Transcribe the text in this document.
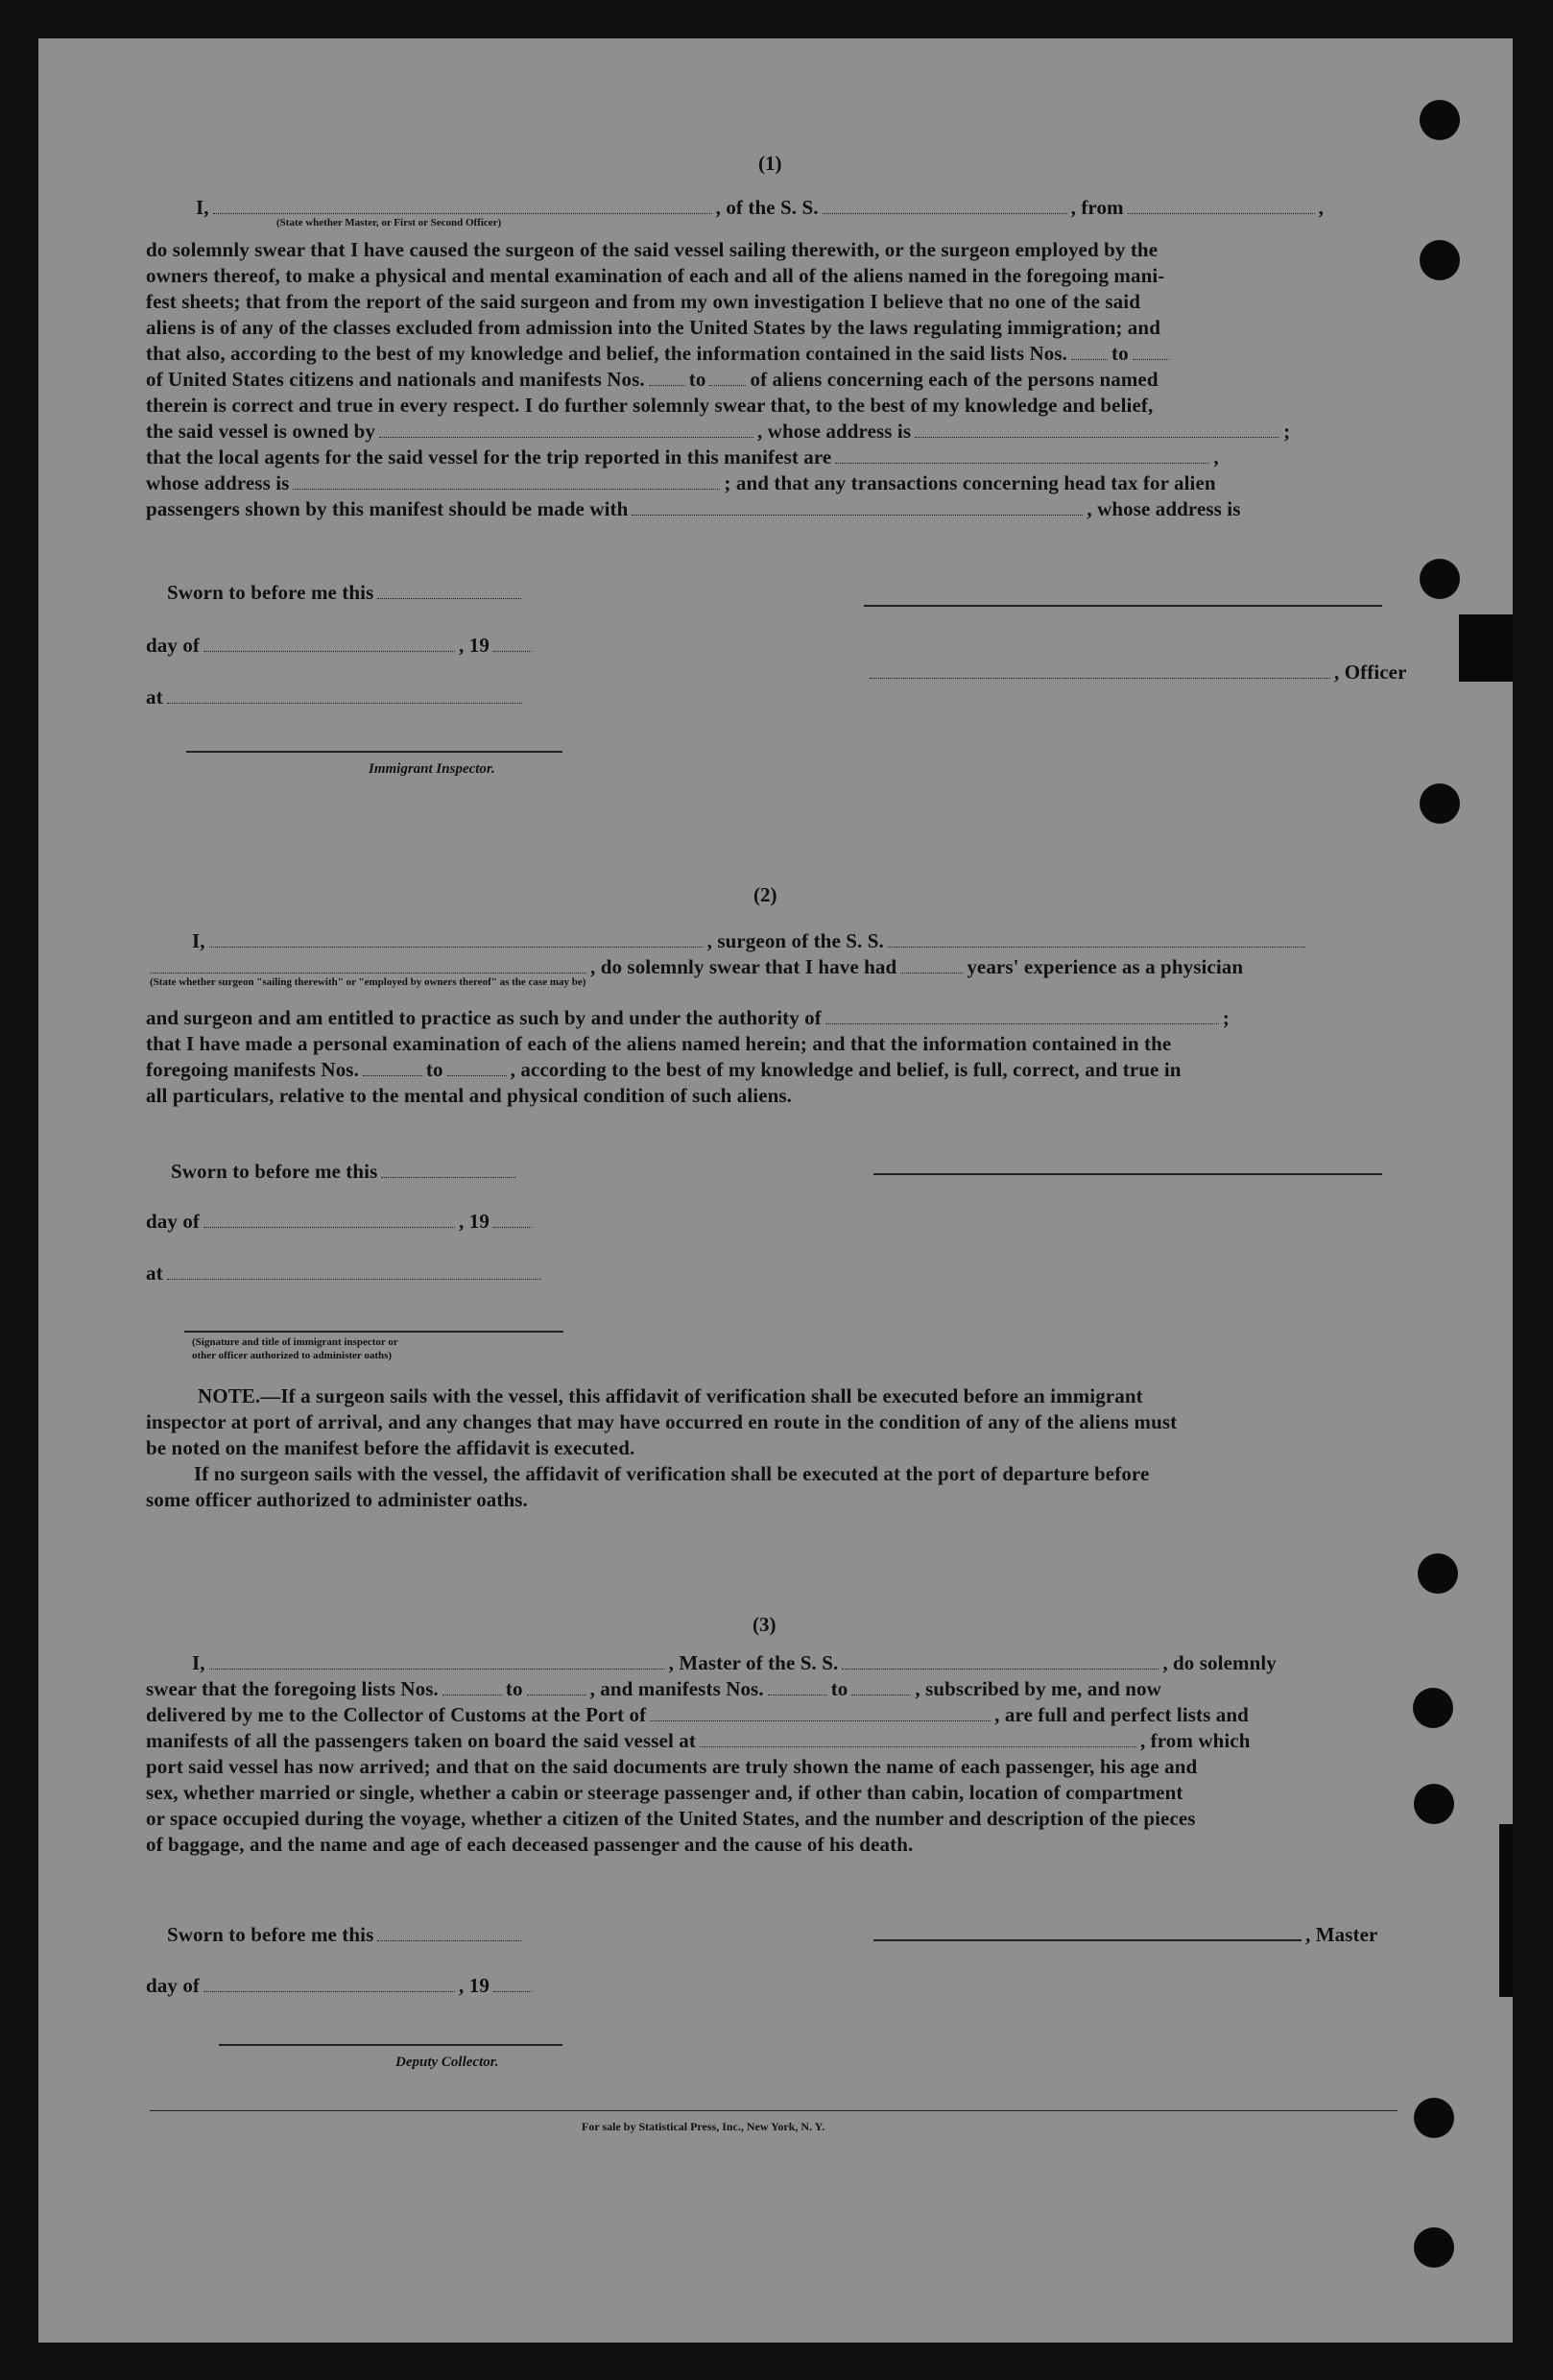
(1)
I,	, of the S. S.	, from	,
(State whether Master, or First or Second Officer)
do solemnly swear that I have caused the surgeon of the said vessel sailing therewith, or the surgeon employed by the
owners thereof, to make a physical and mental examination of each and all of the aliens named in the foregoing mani-
fest sheets; that from the report of the said surgeon and from my own investigation I believe that no one of the said
aliens is of any of the classes excluded from admission into the United States by the laws regulating immigration; and
that also, according to the best of my knowledge and belief, the information contained in the said lists Nos. to
of United States citizens and nationals and manifests Nos. to of aliens concerning each of the persons named
therein is correct and true in every respect. I do further solemnly swear that, to the best of my knowledge and belief,
the said vessel is owned by	, whose address is	;
that the local agents for the said vessel for the trip reported in this manifest are	,
whose address is	; and that any transactions concerning head tax for alien
passengers shown by this manifest should be made with	, whose address is
Sworn to before me this
day of	, 19
, Officer
at
Immigrant Inspector.
(2)
I,	, surgeon of the S. S.
, do solemnly swear that I have had	years' experience as a physician
(State whether surgeon "sailing therewith" or "employed by owners thereof" as the case may be)
and surgeon and am entitled to practice as such by and under the authority of	;
that I have made a personal examination of each of the aliens named herein; and that the information contained in the
foregoing manifests Nos.	to	, according to the best of my knowledge and belief, is full, correct, and true in
all particulars, relative to the mental and physical condition of such aliens.
Sworn to before me this
day of	, 19
at
(Signature and title of immigrant inspector or
other officer authorized to administer oaths)
NOTE.—If a surgeon sails with the vessel, this affidavit of verification shall be executed before an immigrant
inspector at port of arrival, and any changes that may have occurred en route in the condition of any of the aliens must
be noted on the manifest before the affidavit is executed.
If no surgeon sails with the vessel, the affidavit of verification shall be executed at the port of departure before
some officer authorized to administer oaths.
(3)
I,	, Master of the S. S.	, do solemnly
swear that the foregoing lists Nos.	to	, and manifests Nos.	to	, subscribed by me, and now
delivered by me to the Collector of Customs at the Port of	, are full and perfect lists and
manifests of all the passengers taken on board the said vessel at	, from which
port said vessel has now arrived; and that on the said documents are truly shown the name of each passenger, his age and
sex, whether married or single, whether a cabin or steerage passenger and, if other than cabin, location of compartment
or space occupied during the voyage, whether a citizen of the United States, and the number and description of the pieces
of baggage, and the name and age of each deceased passenger and the cause of his death.
Sworn to before me this	, Master
day of	, 19
Deputy Collector.
For sale by Statistical Press, Inc., New York, N. Y.
